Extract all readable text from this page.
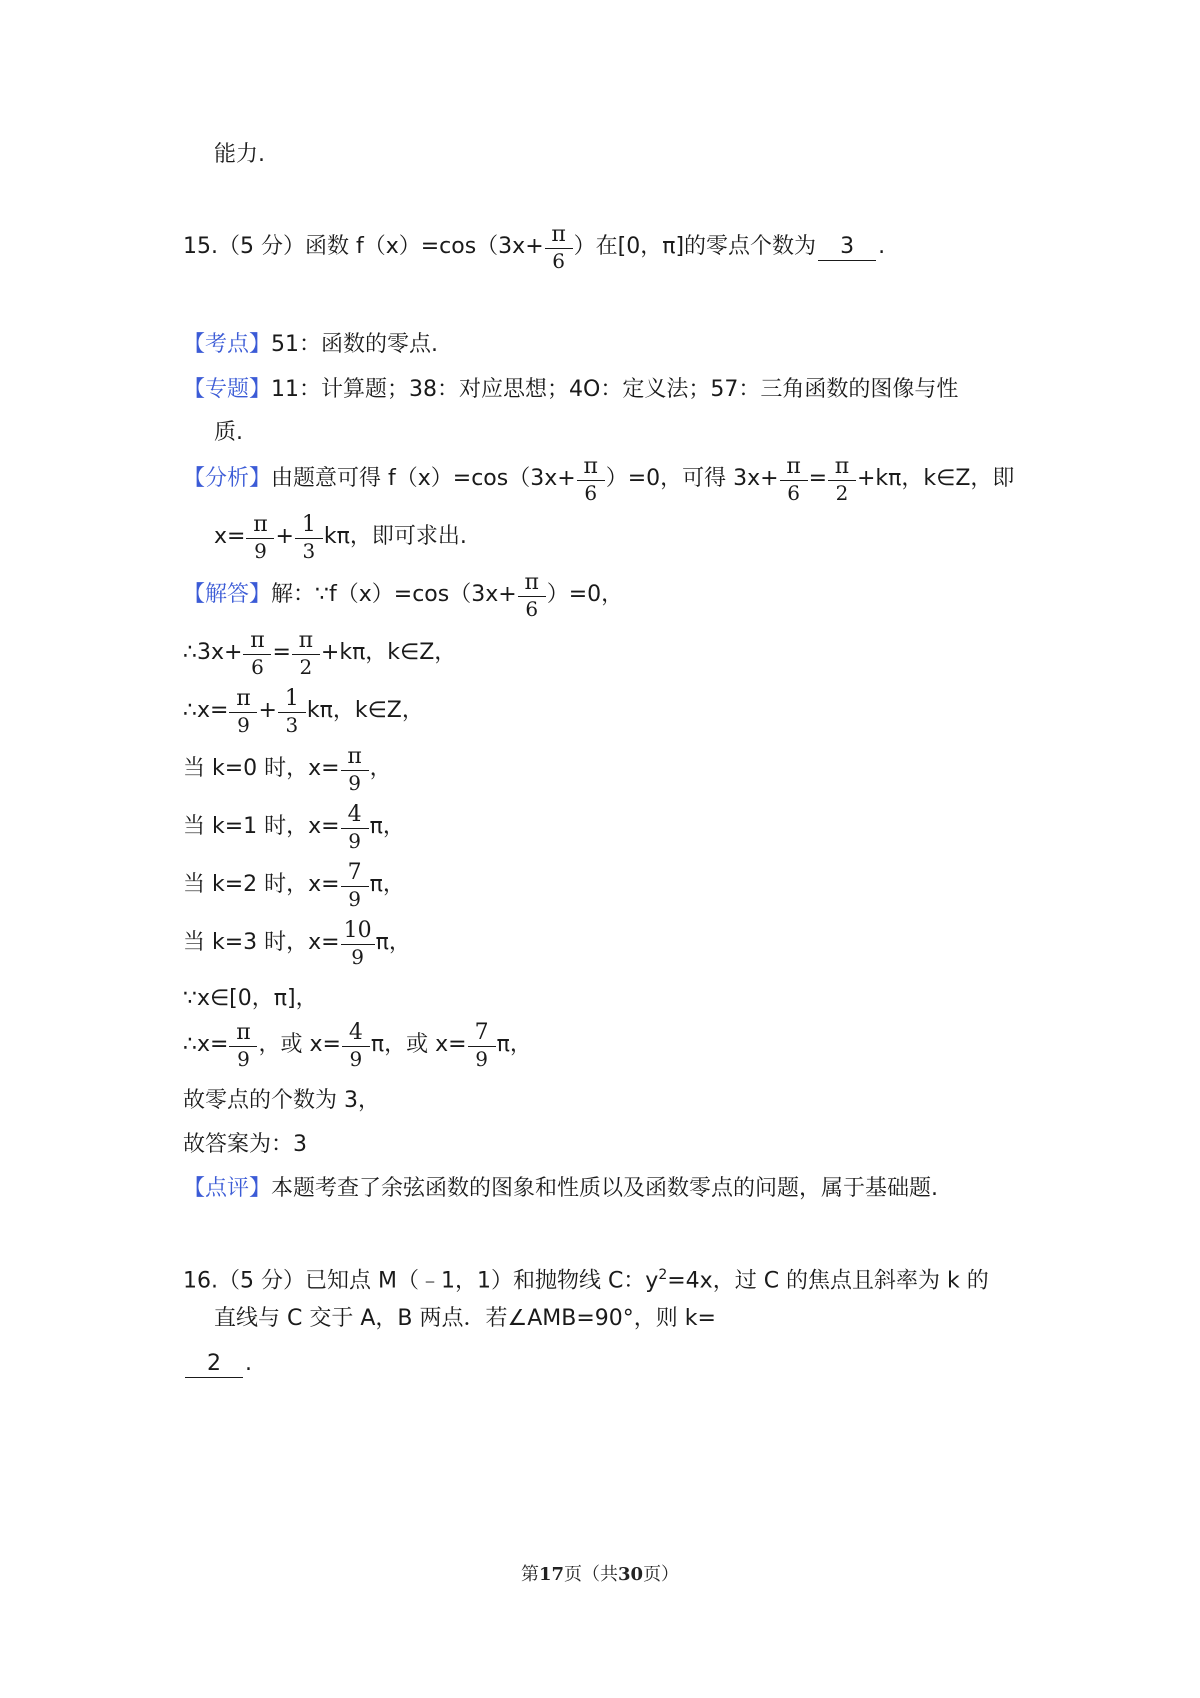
能力.
15.（5 分）函数 $f(x)=\cos(3x+ \frac{\pi}{6}$ ）在[0，π]的零点个数为 3 .
【考点】51：函数的零点.
【专题】11：计算题；38：对应思想；4O：定义法；57：三角函数的图像与性
质.
【分析】由题意可得 $f(x)=\cos(3x+ \frac{\pi}{6} )=0$，可得 $3x+ \frac{\pi}{6} = \frac{\pi}{2} +k\pi$，k∈Z，即
$x= \frac{\pi}{9} + \frac{1}{3}$ kπ，即可求出.
【解答】解：∵f（x）=cos（3x+ $\frac{\pi}{6} )=0$，
∴3x+ $\frac{\pi}{6} = \frac{\pi}{2} +k\pi$，k∈Z，
∴x= $\frac{\pi}{9} + \frac{1}{3}$ kπ，k∈Z，
当 k=0 时，$x= \frac{\pi}{9}$ ，
当 k=1 时，$x= \frac{4}{9}$ π，
当 k=2 时，$x= \frac{7}{9}$ π，
当 k=3 时，$x= \frac{10}{9}$ π，
∵x∈[0，π]，
∴x= $\frac{\pi}{9}$ ，或 $x= \frac{4}{9}$ π，或 $x= \frac{7}{9}$ π，
故零点的个数为 3，
故答案为：3
【点评】本题考查了余弦函数的图象和性质以及函数零点的问题，属于基础题.
16.（5 分）已知点 M（﹣1，1）和抛物线 C：$y^2=4x$，过 C 的焦点且斜率为 k 的
直线与 C 交于 A，B 两点．若∠AMB=90°，则 k=
2 .
第17页（共30页）
